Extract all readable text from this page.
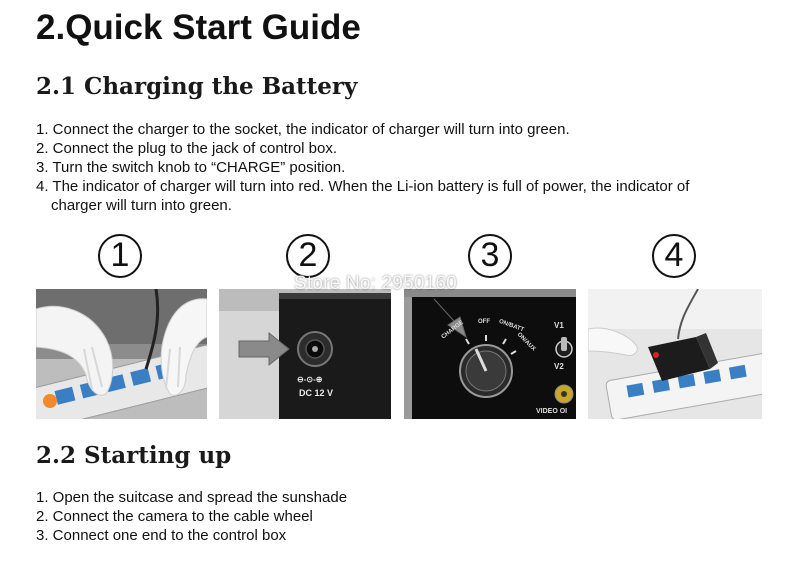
2.Quick Start Guide
2.1 Charging the Battery
1. Connect the charger to the socket, the indicator of charger will turn into green.
2. Connect the plug to the jack of control box.
3. Turn the switch knob to “CHARGE” position.
4. The indicator of charger will turn into red. When the Li-ion battery is full of power, the indicator of
charger will turn into green.
1	2	3	4
⊖-⊙-⊕
DC 12 V
CHARGE OFF ON/BATT
ON/AUX
V1
V2
VIDEO OI
Store No: 2950160
2.2 Starting up
1. Open the suitcase and spread the sunshade
2. Connect the camera to the cable wheel
3. Connect one end to the control box
